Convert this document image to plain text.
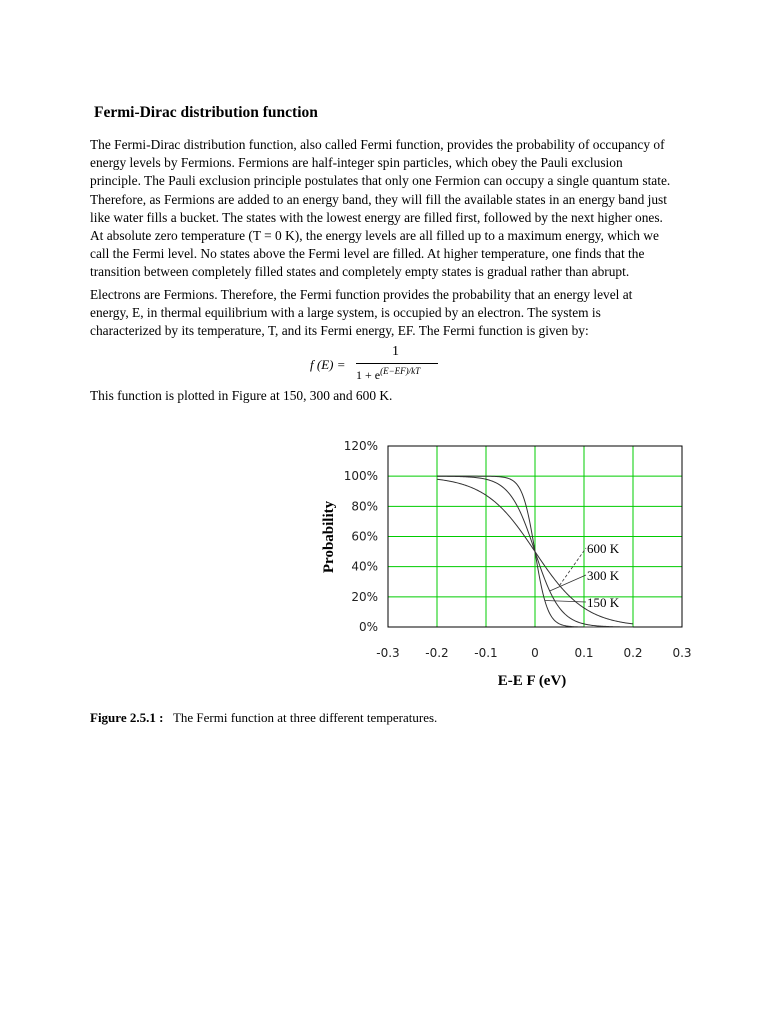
Fermi-Dirac distribution function
The Fermi-Dirac distribution function, also called Fermi function, provides the probability of occupancy of
energy levels by Fermions. Fermions are half-integer spin particles, which obey the Pauli exclusion
principle. The Pauli exclusion principle postulates that only one Fermion can occupy a single quantum state.
Therefore, as Fermions are added to an energy band, they will fill the available states in an energy band just
like water fills a bucket. The states with the lowest energy are filled first, followed by the next higher ones.
At absolute zero temperature (T = 0 K), the energy levels are all filled up to a maximum energy, which we
call the Fermi level. No states above the Fermi level are filled. At higher temperature, one finds that the
transition between completely filled states and completely empty states is gradual rather than abrupt.
Electrons are Fermions. Therefore, the Fermi function provides the probability that an energy level at
energy, E, in thermal equilibrium with a large system, is occupied by an electron. The system is
characterized by its temperature, T, and its Fermi energy, EF. The Fermi function is given by:
f (E) =
1
$1 + e^{(E-EF)/kT}$
This function is plotted in Figure at 150, 300 and 600 K.
0%
20%
40%
60%
80%
100%
120%
-0.3 -0.2 -0.1	0	0.1 0.2 0.3
600 K
300 K
150 K
Probability
E-E F (eV)
Figure 2.5.1 : The Fermi function at three different temperatures.
